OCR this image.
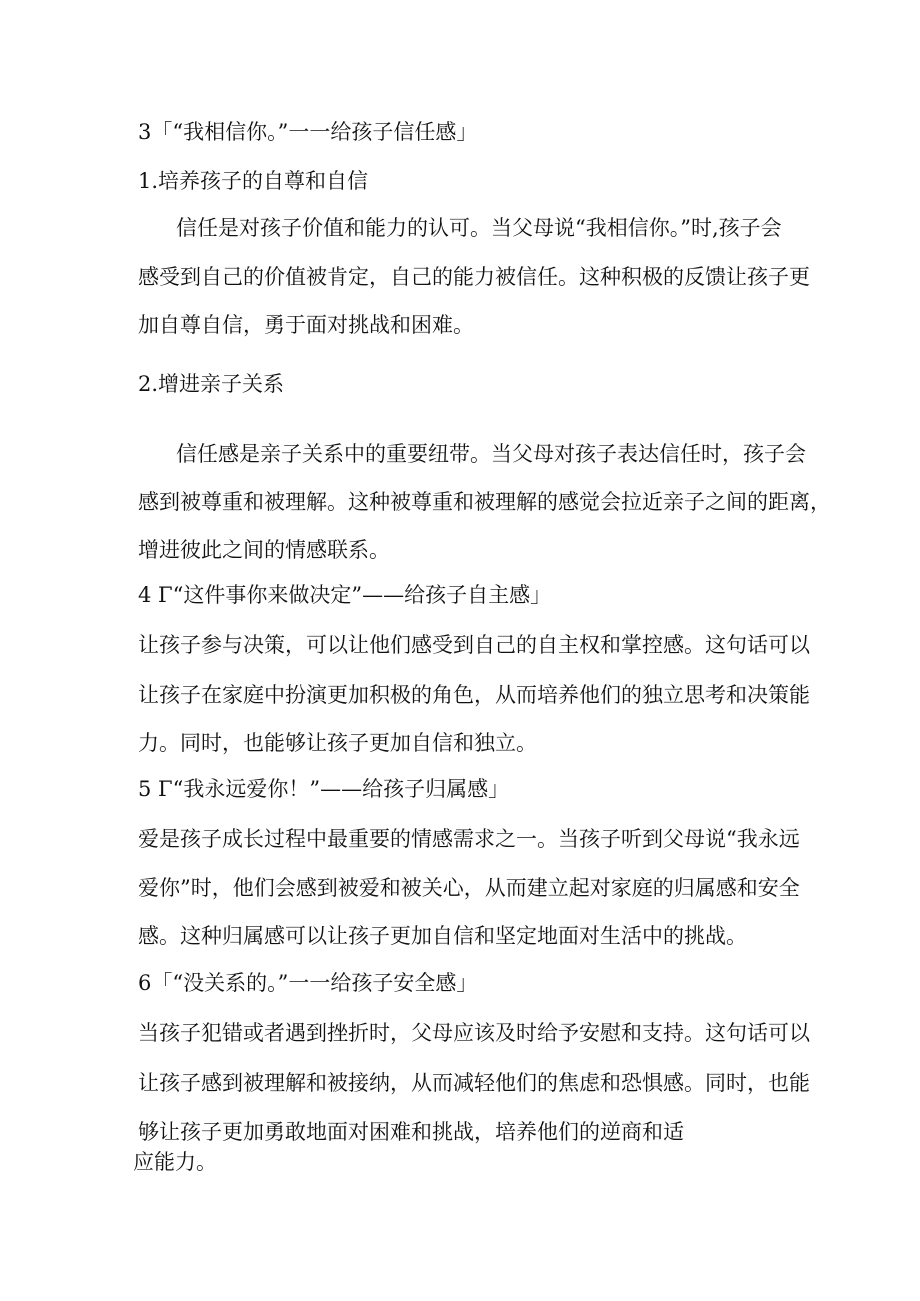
3「“我相信你。”一一给孩子信任感」
1.培养孩子的自尊和自信
信任是对孩子价值和能力的认可。当父母说“我相信你。”时,孩子会
感受到自己的价值被肯定，自己的能力被信任。这种积极的反馈让孩子更
加自尊自信，勇于面对挑战和困难。
2.增进亲子关系
信任感是亲子关系中的重要纽带。当父母对孩子表达信任时，孩子会
感到被尊重和被理解。这种被尊重和被理解的感觉会拉近亲子之间的距离，
增进彼此之间的情感联系。
4 Γ“这件事你来做决定”——给孩子自主感」
让孩子参与决策，可以让他们感受到自己的自主权和掌控感。这句话可以
让孩子在家庭中扮演更加积极的角色，从而培养他们的独立思考和决策能
力。同时，也能够让孩子更加自信和独立。
5 Γ“我永远爱你！”——给孩子归属感」
爱是孩子成长过程中最重要的情感需求之一。当孩子听到父母说“我永远
爱你”时，他们会感到被爱和被关心，从而建立起对家庭的归属感和安全
感。这种归属感可以让孩子更加自信和坚定地面对生活中的挑战。
6「“没关系的。”一一给孩子安全感」
当孩子犯错或者遇到挫折时，父母应该及时给予安慰和支持。这句话可以
让孩子感到被理解和被接纳，从而减轻他们的焦虑和恐惧感。同时，也能
够让孩子更加勇敢地面对困难和挑战，培养他们的逆商和适
应能力。
